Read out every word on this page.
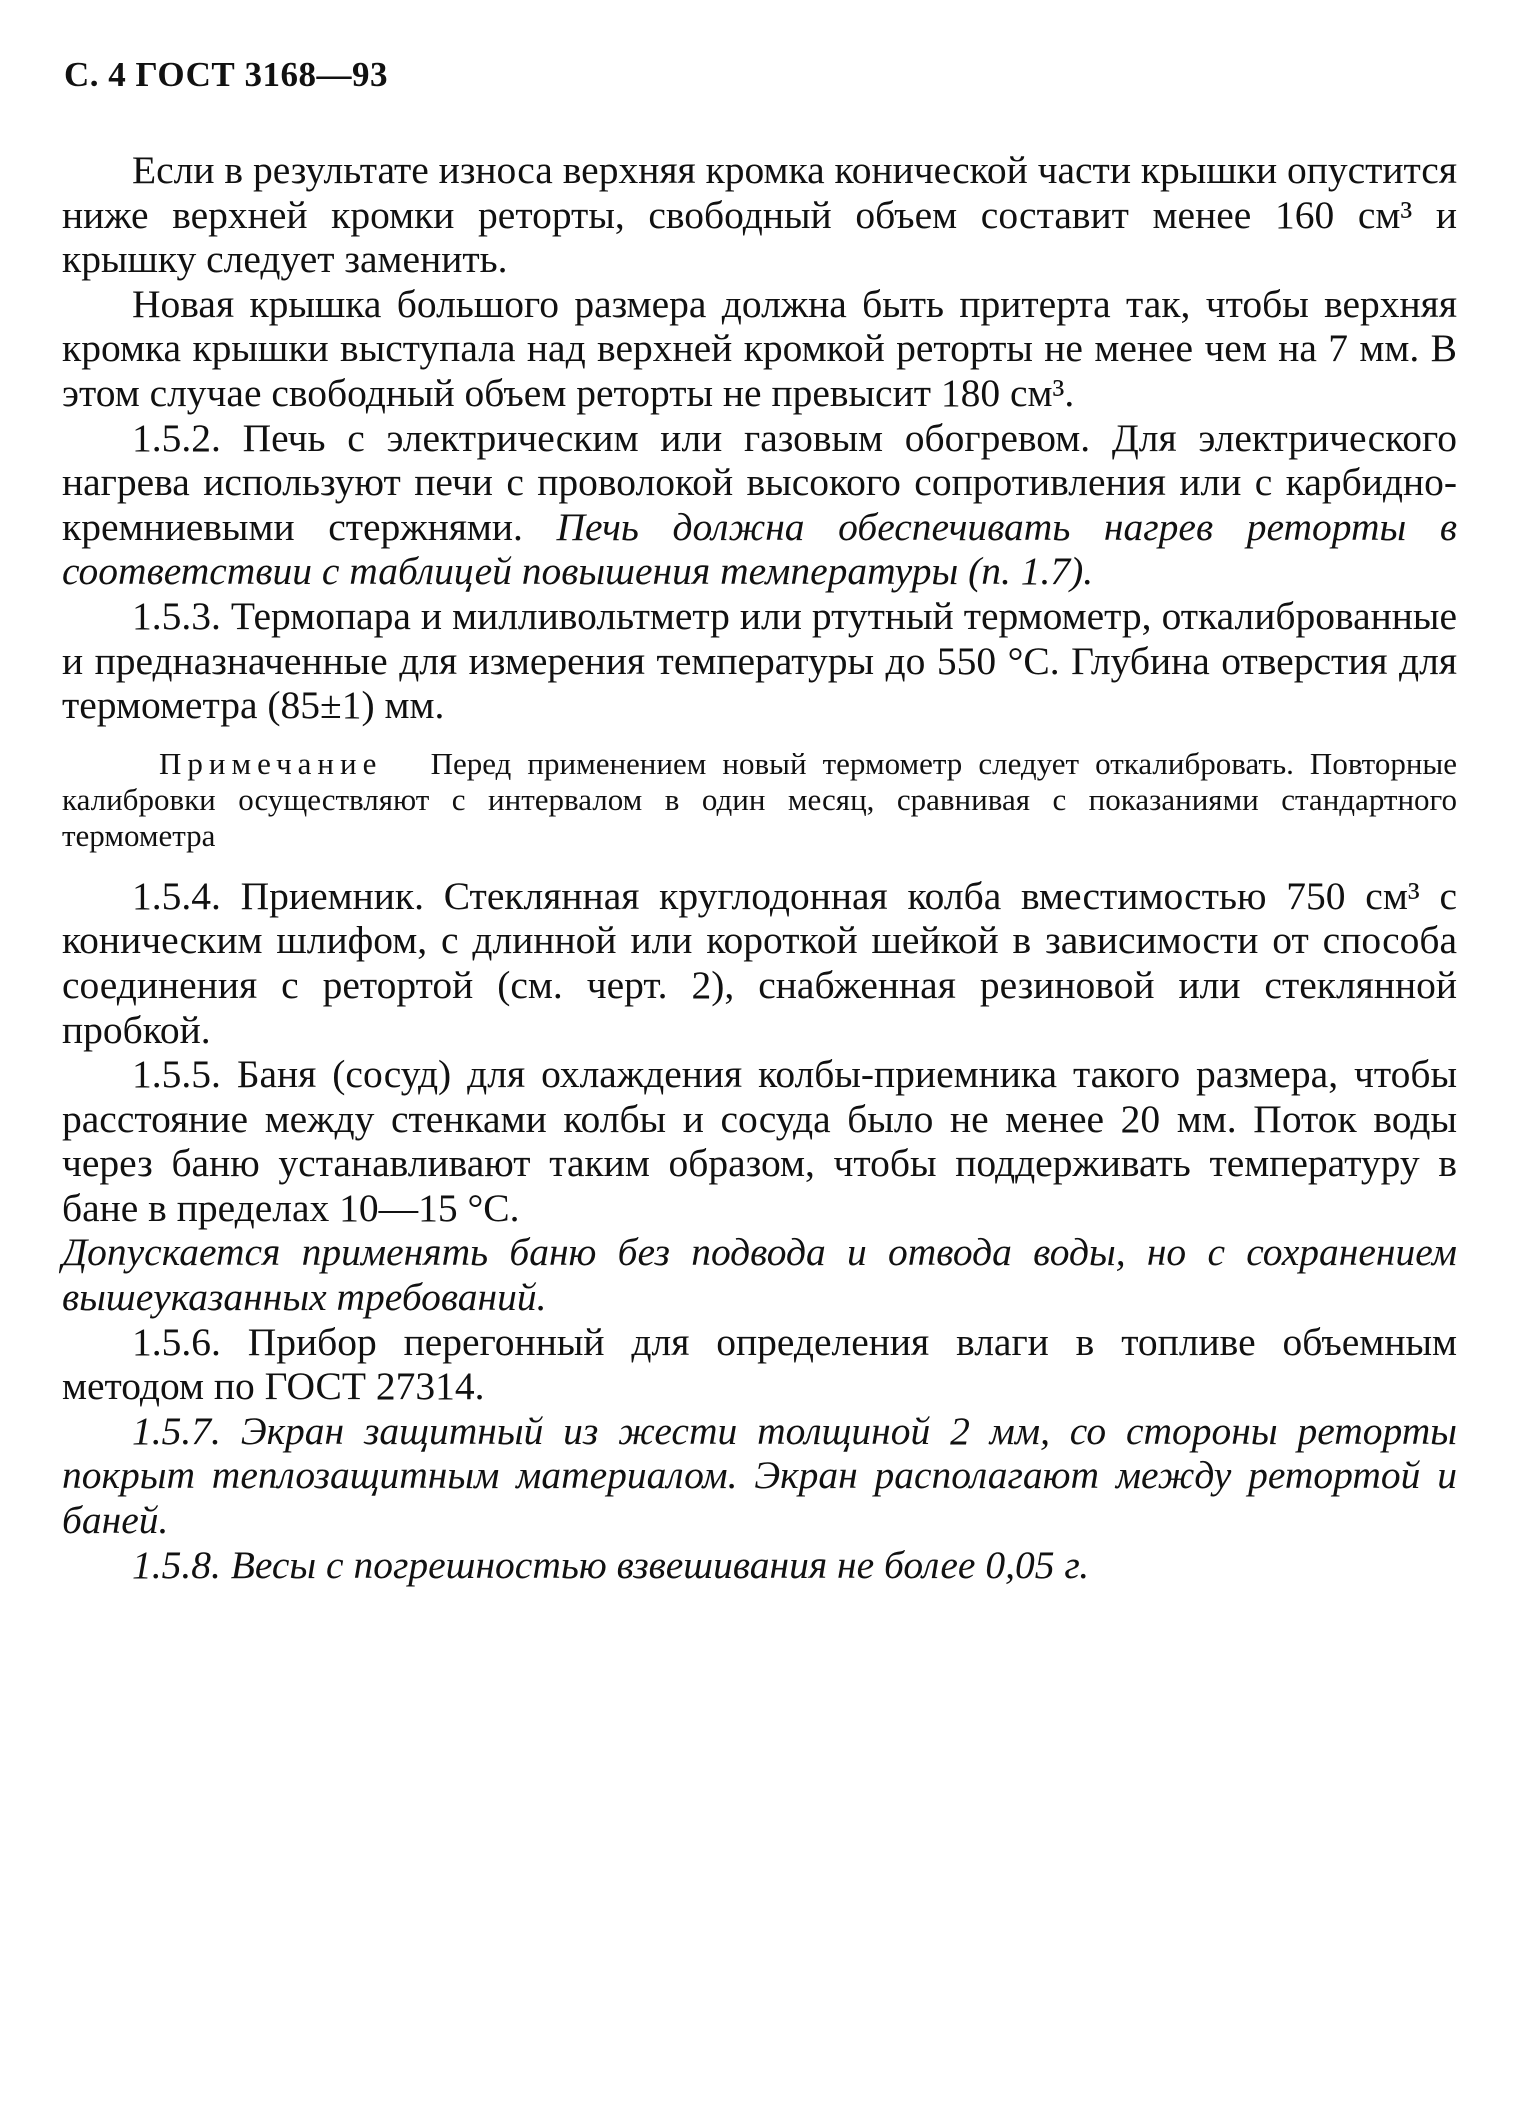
С. 4 ГОСТ 3168—93

Если в результате износа верхняя кромка конической части крышки опустится ниже верхней кромки реторты, свободный объем составит менее 160 см³ и крышку следует заменить.

Новая крышка большого размера должна быть притерта так, чтобы верхняя кромка крышки выступала над верхней кромкой реторты не менее чем на 7 мм. В этом случае свободный объем реторты не превысит 180 см³.

1.5.2. Печь с электрическим или газовым обогревом. Для электрического нагрева используют печи с проволокой высокого сопротивления или с карбидно-кремниевыми стержнями. Печь должна обеспечивать нагрев реторты в соответствии с таблицей повышения температуры (п. 1.7).

1.5.3. Термопара и милливольтметр или ртутный термометр, откалиброванные и предназначенные для измерения температуры до 550 °С. Глубина отверстия для термометра (85±1) мм.

Примечание Перед применением новый термометр следует откалибровать. Повторные калибровки осуществляют с интервалом в один месяц, сравнивая с показаниями стандартного термометра

1.5.4. Приемник. Стеклянная круглодонная колба вместимостью 750 см³ с коническим шлифом, с длинной или короткой шейкой в зависимости от способа соединения с ретортой (см. черт. 2), снабженная резиновой или стеклянной пробкой.

1.5.5. Баня (сосуд) для охлаждения колбы-приемника такого размера, чтобы расстояние между стенками колбы и сосуда было не менее 20 мм. Поток воды через баню устанавливают таким образом, чтобы поддерживать температуру в бане в пределах 10—15 °С.

Допускается применять баню без подвода и отвода воды, но с сохранением вышеуказанных требований.

1.5.6. Прибор перегонный для определения влаги в топливе объемным методом по ГОСТ 27314.

1.5.7. Экран защитный из жести толщиной 2 мм, со стороны реторты покрыт теплозащитным материалом. Экран располагают между ретортой и баней.

1.5.8. Весы с погрешностью взвешивания не более 0,05 г.
